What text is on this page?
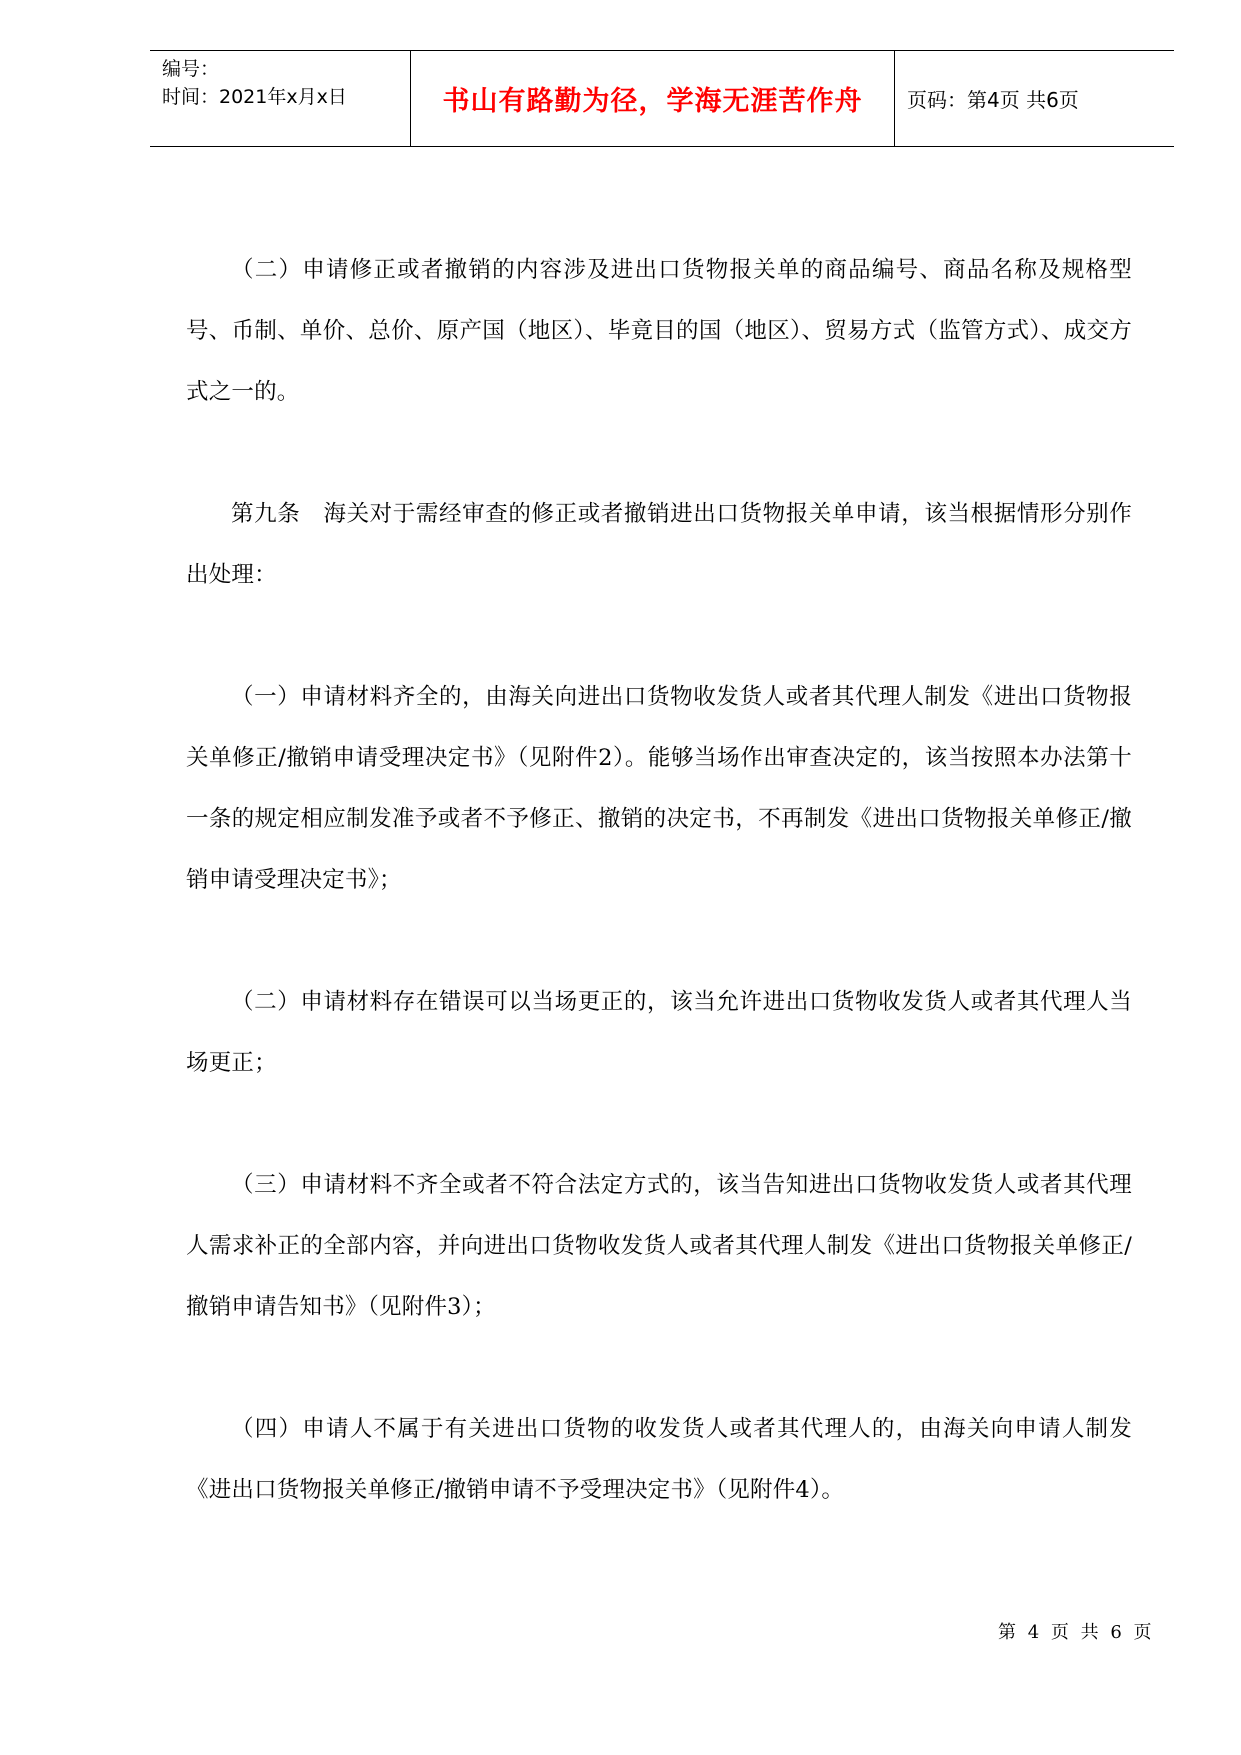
编号：
时间：2021年x月x日	书山有路勤为径，学海无涯苦作舟	页码：第4页 共6页

（二）申请修正或者撤销的内容涉及进出口货物报关单的商品编号、商品名称及规格型号、币制、单价、总价、原产国（地区）、毕竟目的国（地区）、贸易方式（监管方式）、成交方式之一的。

第九条　海关对于需经审查的修正或者撤销进出口货物报关单申请，该当根据情形分别作出处理：

（一）申请材料齐全的，由海关向进出口货物收发货人或者其代理人制发《进出口货物报关单修正/撤销申请受理决定书》（见附件2）。能够当场作出审查决定的，该当按照本办法第十一条的规定相应制发准予或者不予修正、撤销的决定书，不再制发《进出口货物报关单修正/撤销申请受理决定书》；

（二）申请材料存在错误可以当场更正的，该当允许进出口货物收发货人或者其代理人当场更正；

（三）申请材料不齐全或者不符合法定方式的，该当告知进出口货物收发货人或者其代理人需求补正的全部内容，并向进出口货物收发货人或者其代理人制发《进出口货物报关单修正/撤销申请告知书》（见附件3）；

（四）申请人不属于有关进出口货物的收发货人或者其代理人的，由海关向申请人制发《进出口货物报关单修正/撤销申请不予受理决定书》（见附件4）。

第 4 页 共 6 页
